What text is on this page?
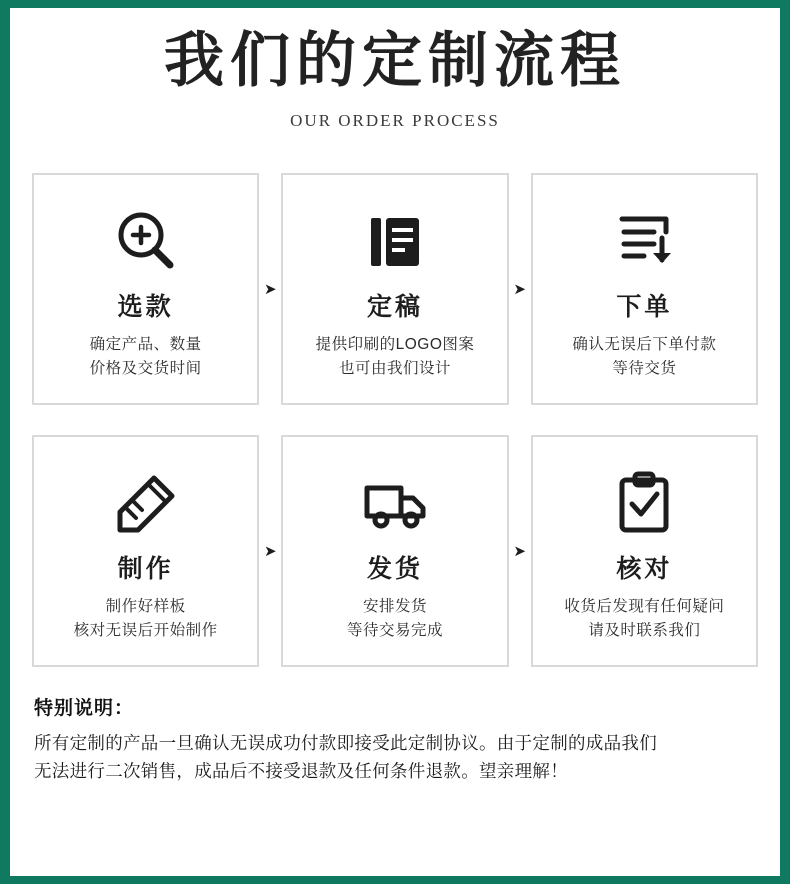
我们的定制流程
OUR ORDER PROCESS
选款
确定产品、数量
价格及交货时间
➤
定稿
提供印刷的LOGO图案
也可由我们设计
➤
下单
确认无误后下单付款
等待交货
制作
制作好样板
核对无误后开始制作
➤
发货
安排发货
等待交易完成
➤
核对
收货后发现有任何疑问
请及时联系我们
特别说明：
所有定制的产品一旦确认无误成功付款即接受此定制协议。由于定制的成品我们
无法进行二次销售，成品后不接受退款及任何条件退款。望亲理解！
